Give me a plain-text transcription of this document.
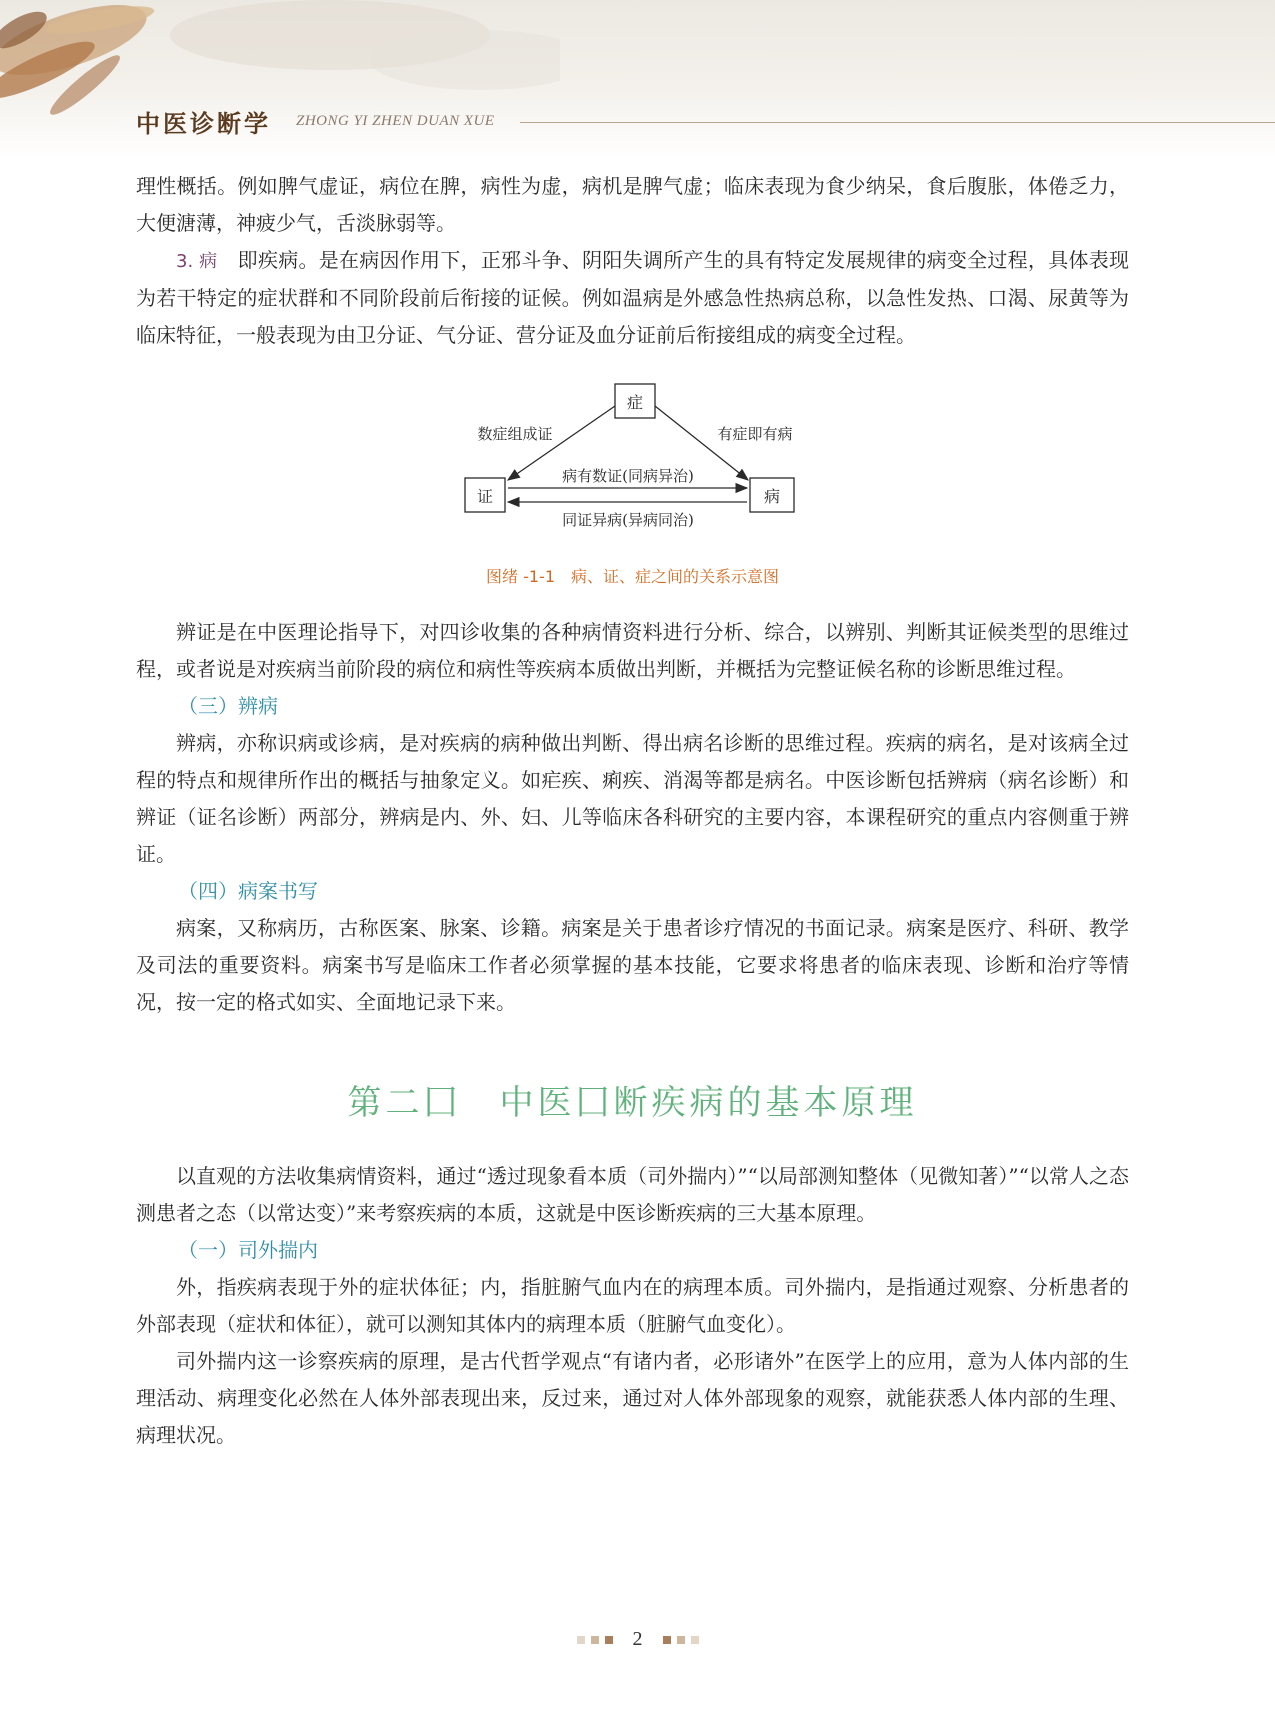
中医诊断学 ZHONG YI ZHEN DUAN XUE

理性概括。例如脾气虚证，病位在脾，病性为虚，病机是脾气虚；临床表现为食少纳呆，食后腹胀，体倦乏力，大便溏薄，神疲少气，舌淡脉弱等。

3. 病　即疾病。是在病因作用下，正邪斗争、阴阳失调所产生的具有特定发展规律的病变全过程，具体表现为若干特定的症状群和不同阶段前后衔接的证候。例如温病是外感急性热病总称，以急性发热、口渴、尿黄等为临床特征，一般表现为由卫分证、气分证、营分证及血分证前后衔接组成的病变全过程。

症
证	病
数症组成证	有症即有病
病有数证(同病异治)
同证异病(异病同治)
图绪 -1-1　病、证、症之间的关系示意图

辨证是在中医理论指导下，对四诊收集的各种病情资料进行分析、综合，以辨别、判断其证候类型的思维过程，或者说是对疾病当前阶段的病位和病性等疾病本质做出判断，并概括为完整证候名称的诊断思维过程。

（三）辨病

辨病，亦称识病或诊病，是对疾病的病种做出判断、得出病名诊断的思维过程。疾病的病名，是对该病全过程的特点和规律所作出的概括与抽象定义。如疟疾、痢疾、消渴等都是病名。中医诊断包括辨病（病名诊断）和辨证（证名诊断）两部分，辨病是内、外、妇、儿等临床各科研究的主要内容，本课程研究的重点内容侧重于辨证。

（四）病案书写

病案，又称病历，古称医案、脉案、诊籍。病案是关于患者诊疗情况的书面记录。病案是医疗、科研、教学及司法的重要资料。病案书写是临床工作者必须掌握的基本技能，它要求将患者的临床表现、诊断和治疗等情况，按一定的格式如实、全面地记录下来。

第二囗　中医囗断疾病的基本原理

以直观的方法收集病情资料，通过“透过现象看本质（司外揣内）”“以局部测知整体（见微知著）”“以常人之态测患者之态（以常达变）”来考察疾病的本质，这就是中医诊断疾病的三大基本原理。

（一）司外揣内

外，指疾病表现于外的症状体征；内，指脏腑气血内在的病理本质。司外揣内，是指通过观察、分析患者的外部表现（症状和体征），就可以测知其体内的病理本质（脏腑气血变化）。

司外揣内这一诊察疾病的原理，是古代哲学观点“有诸内者，必形诸外”在医学上的应用，意为人体内部的生理活动、病理变化必然在人体外部表现出来，反过来，通过对人体外部现象的观察，就能获悉人体内部的生理、病理状况。

2
